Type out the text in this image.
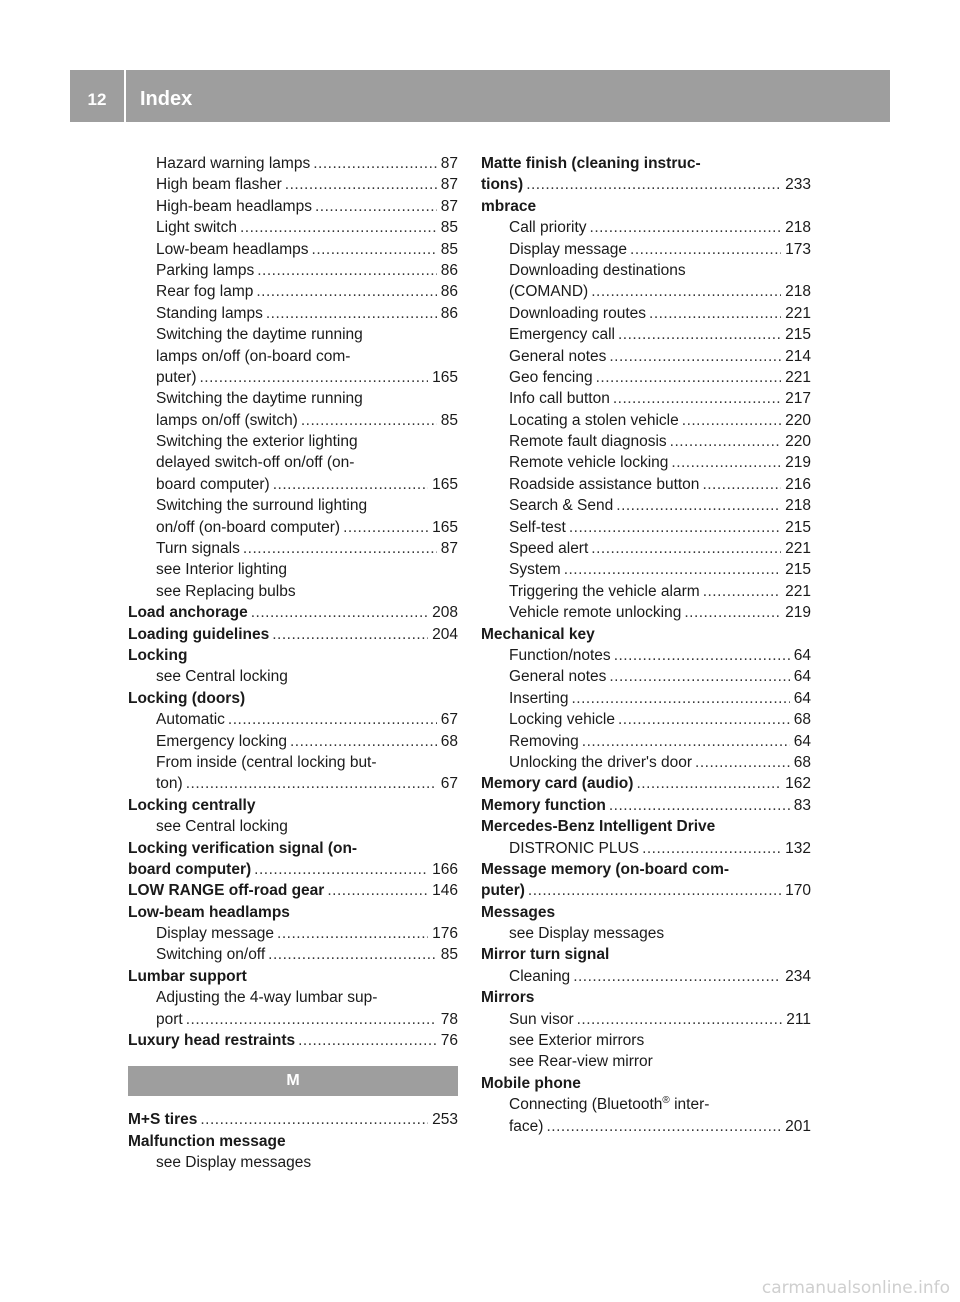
12	Index
Hazard warning lamps .....	87
High beam flasher .....	87
High-beam headlamps .....	87
Light switch .....	85
Low-beam headlamps .....	85
Parking lamps .....	86
Rear fog lamp .....	86
Standing lamps .....	86
Switching the daytime running
lamps on/off (on-board com-
puter) .....	165
Switching the daytime running
lamps on/off (switch) .....	85
Switching the exterior lighting
delayed switch-off on/off (on-
board computer) .....	165
Switching the surround lighting
on/off (on-board computer) .....	165
Turn signals .....	87
see Interior lighting
see Replacing bulbs
Load anchorage .....	208
Loading guidelines .....	204
Locking
see Central locking
Locking (doors)
Automatic .....	67
Emergency locking .....	68
From inside (central locking but-
ton) .....	67
Locking centrally
see Central locking
Locking verification signal (on-
board computer) .....	166
LOW RANGE off-road gear .....	146
Low-beam headlamps
Display message .....	176
Switching on/off .....	85
Lumbar support
Adjusting the 4-way lumbar sup-
port .....	78
Luxury head restraints .....	76
M
M+S tires .....	253
Malfunction message
see Display messages
Matte finish (cleaning instruc-
tions) .....	233
mbrace
Call priority .....	218
Display message .....	173
Downloading destinations
(COMAND) .....	218
Downloading routes .....	221
Emergency call .....	215
General notes .....	214
Geo fencing .....	221
Info call button .....	217
Locating a stolen vehicle .....	220
Remote fault diagnosis .....	220
Remote vehicle locking .....	219
Roadside assistance button .....	216
Search & Send .....	218
Self-test .....	215
Speed alert .....	221
System .....	215
Triggering the vehicle alarm .....	221
Vehicle remote unlocking .....	219
Mechanical key
Function/notes .....	64
General notes .....	64
Inserting .....	64
Locking vehicle .....	68
Removing .....	64
Unlocking the driver's door .....	68
Memory card (audio) .....	162
Memory function .....	83
Mercedes-Benz Intelligent Drive
DISTRONIC PLUS .....	132
Message memory (on-board com-
puter) .....	170
Messages
see Display messages
Mirror turn signal
Cleaning .....	234
Mirrors
Sun visor .....	211
see Exterior mirrors
see Rear-view mirror
Mobile phone
Connecting (Bluetooth® inter-
face) .....	201
carmanualsonline.info
